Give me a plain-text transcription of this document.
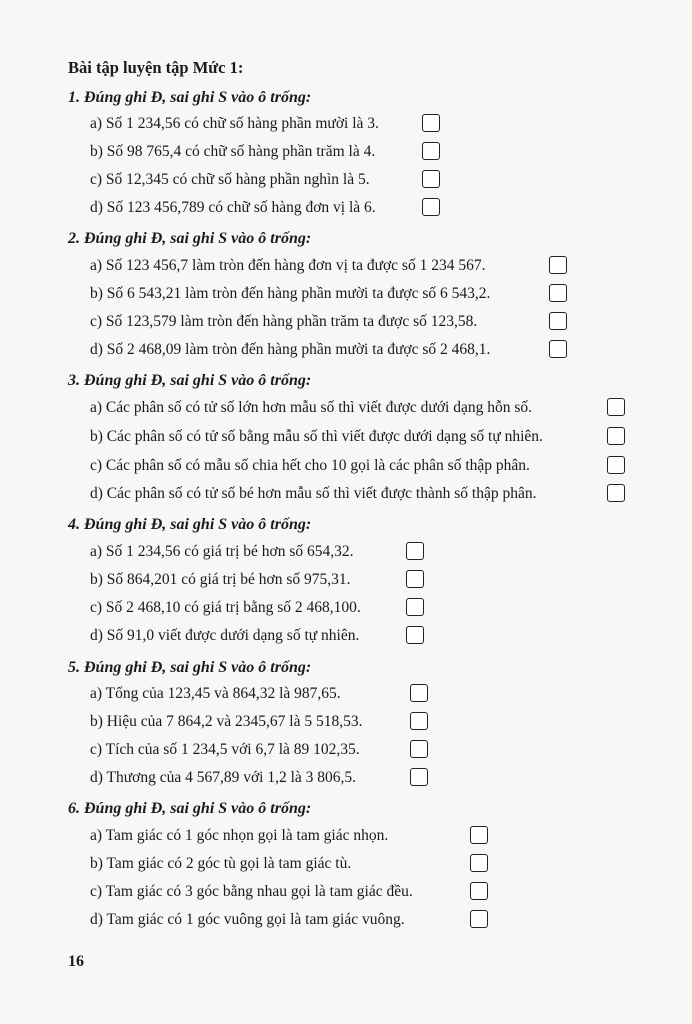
Bài tập luyện tập Mức 1:
1. Đúng ghi Đ, sai ghi S vào ô trống:
a) Số 1 234,56 có chữ số hàng phần mười là 3.
b) Số 98 765,4 có chữ số hàng phần trăm là 4.
c) Số 12,345 có chữ số hàng phần nghìn là 5.
d) Số 123 456,789 có chữ số hàng đơn vị là 6.
2. Đúng ghi Đ, sai ghi S vào ô trống:
a) Số 123 456,7 làm tròn đến hàng đơn vị ta được số 1 234 567.
b) Số 6 543,21 làm tròn đến hàng phần mười ta được số 6 543,2.
c) Số 123,579 làm tròn đến hàng phần trăm ta được số 123,58.
d) Số 2 468,09 làm tròn đến hàng phần mười ta được số 2 468,1.
3. Đúng ghi Đ, sai ghi S vào ô trống:
a) Các phân số có tử số lớn hơn mẫu số thì viết được dưới dạng hỗn số.
b) Các phân số có tử số bằng mẫu số thì viết được dưới dạng số tự nhiên.
c) Các phân số có mẫu số chia hết cho 10 gọi là các phân số thập phân.
d) Các phân số có tử số bé hơn mẫu số thì viết được thành số thập phân.
4. Đúng ghi Đ, sai ghi S vào ô trống:
a) Số 1 234,56 có giá trị bé hơn số 654,32.
b) Số 864,201 có giá trị bé hơn số 975,31.
c) Số 2 468,10 có giá trị bằng số 2 468,100.
d) Số 91,0 viết được dưới dạng số tự nhiên.
5. Đúng ghi Đ, sai ghi S vào ô trống:
a) Tổng của 123,45 và 864,32 là 987,65.
b) Hiệu của 7 864,2 và 2345,67 là 5 518,53.
c) Tích của số 1 234,5 với 6,7 là 89 102,35.
d) Thương của 4 567,89 với 1,2 là 3 806,5.
6. Đúng ghi Đ, sai ghi S vào ô trống:
a) Tam giác có 1 góc nhọn gọi là tam giác nhọn.
b) Tam giác có 2 góc tù gọi là tam giác tù.
c) Tam giác có 3 góc bằng nhau gọi là tam giác đều.
d) Tam giác có 1 góc vuông gọi là tam giác vuông.
16
